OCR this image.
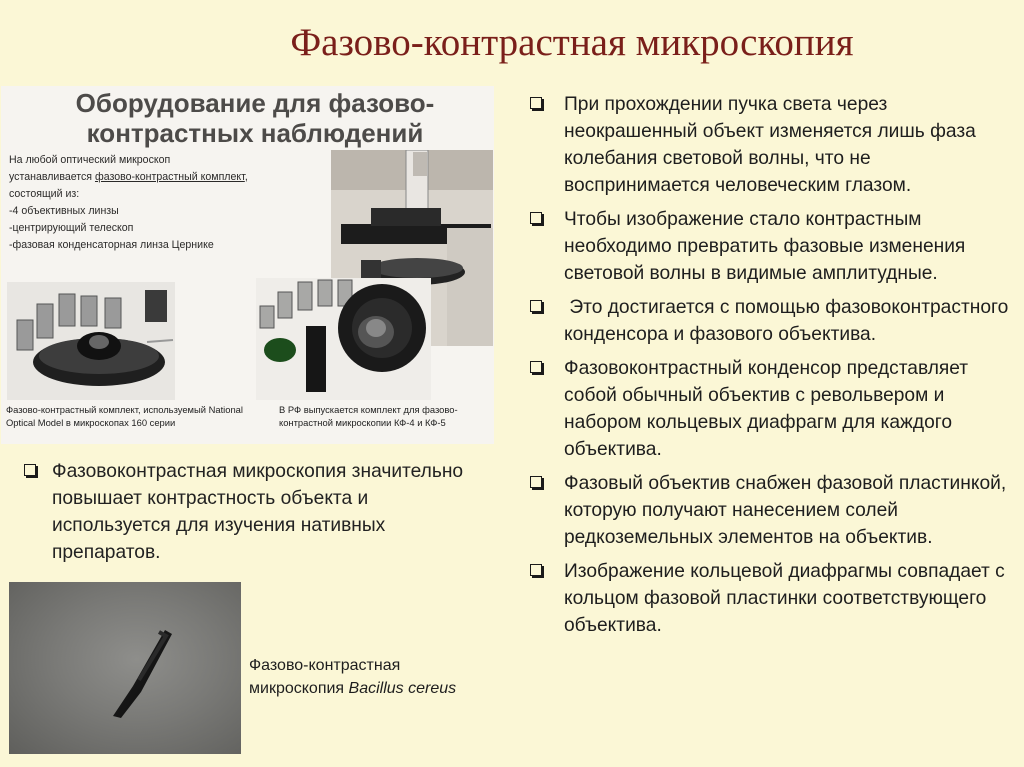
Фазово-контрастная микроскопия
Оборудование для фазово-контрастных наблюдений
На любой оптический микроскоп
устанавливается фазово-контрастный комплект,
состоящий из:
-4 объективных линзы
-центрирующий телескоп
-фазовая конденсаторная линза Цернике
Фазово-контрастный комплект, используемый National Optical Model в микроскопах 160 серии
В РФ выпускается комплект для фазово-контрастной микроскопии КФ-4 и КФ-5
Фазовоконтрастная микроскопия значительно повышает контрастность объекта и используется для изучения нативных препаратов.
При прохождении пучка света через неокрашенный объект изменяется лишь фаза колебания световой волны, что не воспринимается человеческим глазом.
Чтобы изображение стало контрастным необходимо превратить фазовые изменения световой волны в видимые амплитудные.
Это достигается с помощью фазовоконтрастного конденсора и фазового объектива.
Фазовоконтрастный конденсор представляет собой обычный объектив с револьвером и набором кольцевых диафрагм для каждого объектива.
Фазовый объектив снабжен фазовой пластинкой, которую получают нанесением солей редкоземельных элементов на объектив.
Изображение кольцевой диафрагмы совпадает с кольцом фазовой пластинки соответствующего объектива.
Фазово-контрастная
микроскопия Bacillus cereus
